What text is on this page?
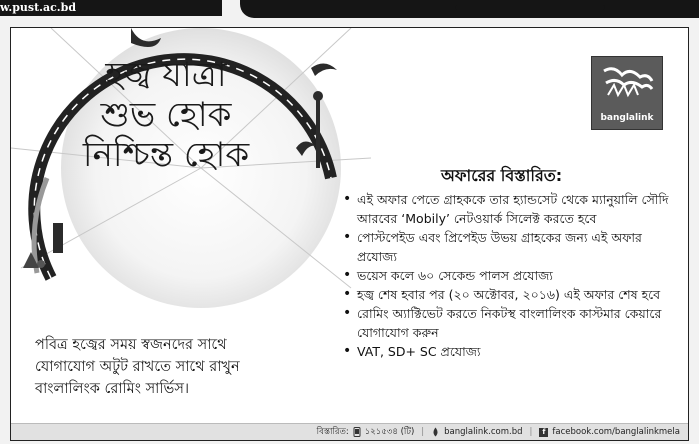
w.pust.ac.bd
হজ্ব যাত্রা
শুভ হোক
নিশ্চিন্ত হোক
banglalink
অফারের বিস্তারিত:
• এই অফার পেতে গ্রাহককে তার হ্যান্ডসেট থেকে ম্যানুয়ালি সৌদি আরবের ‘Mobily’ নেটওয়ার্ক সিলেক্ট করতে হবে
• পোস্টপেইড এবং প্রিপেইড উভয় গ্রাহকের জন্য এই অফার প্রযোজ্য
• ভয়েস কলে ৬০ সেকেন্ড পালস প্রযোজ্য
• হজ্ব শেষ হবার পর (২০ অক্টোবর, ২০১৬) এই অফার শেষ হবে
• রোমিং অ্যাক্টিভেট করতে নিকটস্থ বাংলালিংক কাস্টমার কেয়ারে যোগাযোগ করুন
• VAT, SD+ SC প্রযোজ্য
পবিত্র হজ্বের সময় স্বজনদের সাথে
যোগাযোগ অটুট রাখতে সাথে রাখুন
বাংলালিংক রোমিং সার্ভিস।
বিস্তারিত: ১২১৫৩৪ (টি) |	banglalink.com.bd |	f facebook.com/banglalinkmela
